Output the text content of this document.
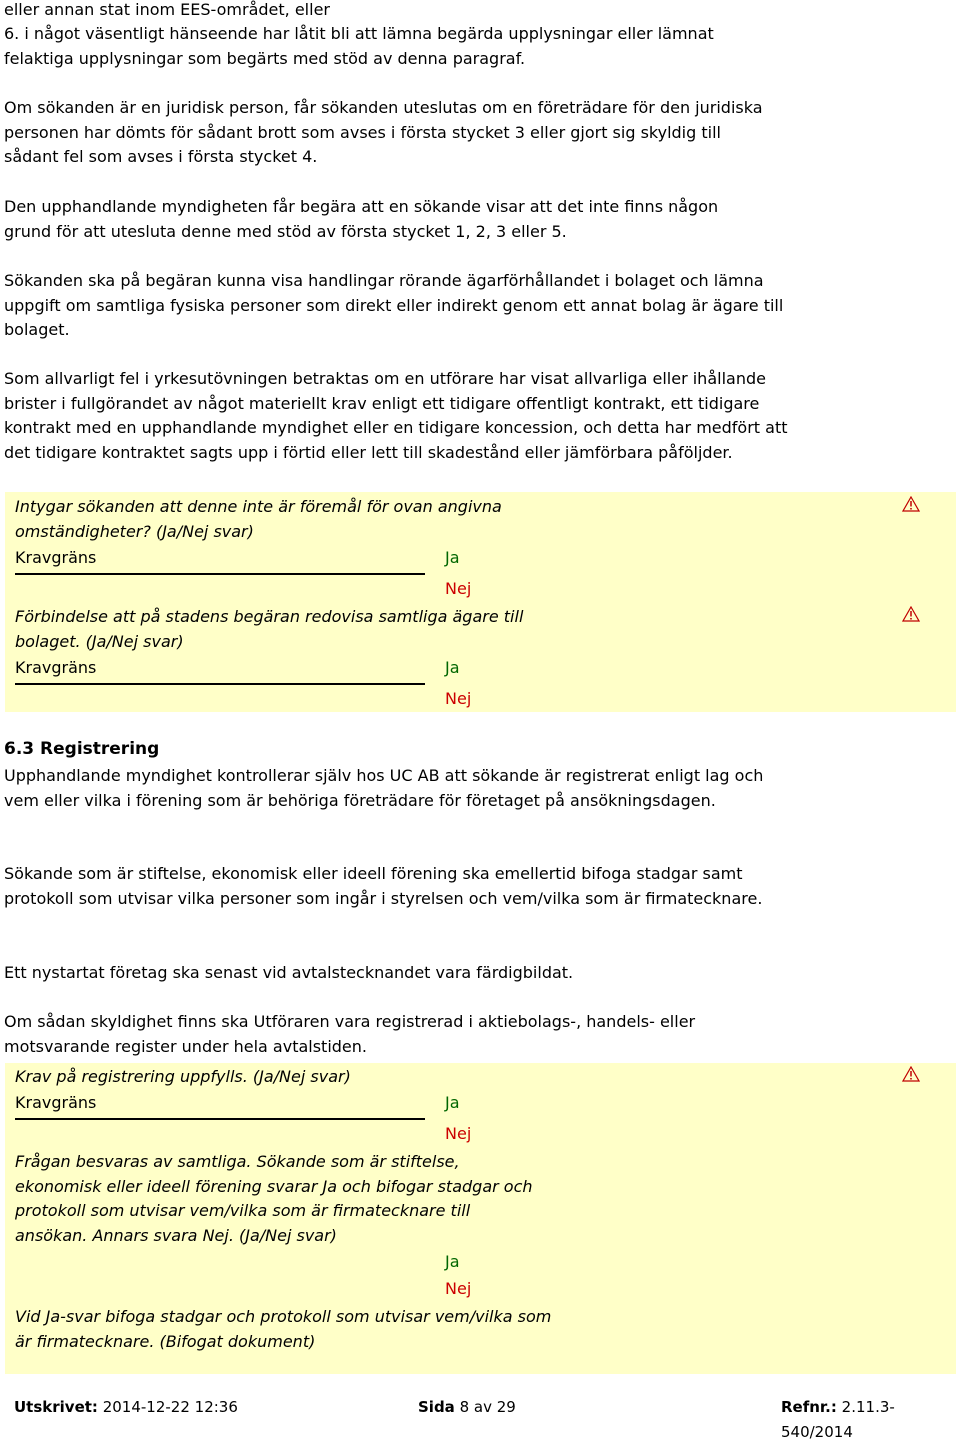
eller annan stat inom EES-området, eller

6. i något väsentligt hänseende har låtit bli att lämna begärda upplysningar eller lämnat felaktiga upplysningar som begärts med stöd av denna paragraf.

Om sökanden är en juridisk person, får sökanden uteslutas om en företrädare för den juridiska personen har dömts för sådant brott som avses i första stycket 3 eller gjort sig skyldig till sådant fel som avses i första stycket 4.

Den upphandlande myndigheten får begära att en sökande visar att det inte finns någon grund för att utesluta denne med stöd av första stycket 1, 2, 3 eller 5.

Sökanden ska på begäran kunna visa handlingar rörande ägarförhållandet i bolaget och lämna uppgift om samtliga fysiska personer som direkt eller indirekt genom ett annat bolag är ägare till bolaget.

Som allvarligt fel i yrkesutövningen betraktas om en utförare har visat allvarliga eller ihållande brister i fullgörandet av något materiellt krav enligt ett tidigare offentligt kontrakt, ett tidigare kontrakt med en upphandlande myndighet eller en tidigare koncession, och detta har medfört att det tidigare kontraktet sagts upp i förtid eller lett till skadestånd eller jämförbara påföljder.

Intygar sökanden att denne inte är föremål för ovan angivna omständigheter? (Ja/Nej svar)

Kravgräns	Ja
Nej

Förbindelse att på stadens begäran redovisa samtliga ägare till bolaget. (Ja/Nej svar)

Kravgräns	Ja
Nej
6.3 Registrering

Upphandlande myndighet kontrollerar själv hos UC AB att sökande är registrerat enligt lag och vem eller vilka i förening som är behöriga företrädare för företaget på ansökningsdagen.

Sökande som är stiftelse, ekonomisk eller ideell förening ska emellertid bifoga stadgar samt protokoll som utvisar vilka personer som ingår i styrelsen och vem/vilka som är firmatecknare.

Ett nystartat företag ska senast vid avtalstecknandet vara färdigbildat.

Om sådan skyldighet finns ska Utföraren vara registrerad i aktiebolags-, handels- eller motsvarande register under hela avtalstiden.

Krav på registrering uppfylls. (Ja/Nej svar)

Kravgräns	Ja
Nej

Frågan besvaras av samtliga. Sökande som är stiftelse, ekonomisk eller ideell förening svarar Ja och bifogar stadgar och protokoll som utvisar vem/vilka som är firmatecknare till ansökan. Annars svara Nej. (Ja/Nej svar)

Ja
Nej

Vid Ja-svar bifoga stadgar och protokoll som utvisar vem/vilka som är firmatecknare. (Bifogat dokument)

Utskrivet: 2014-12-22 12:36	Sida 8 av 29	Refnr.: 2.11.3-540/2014
